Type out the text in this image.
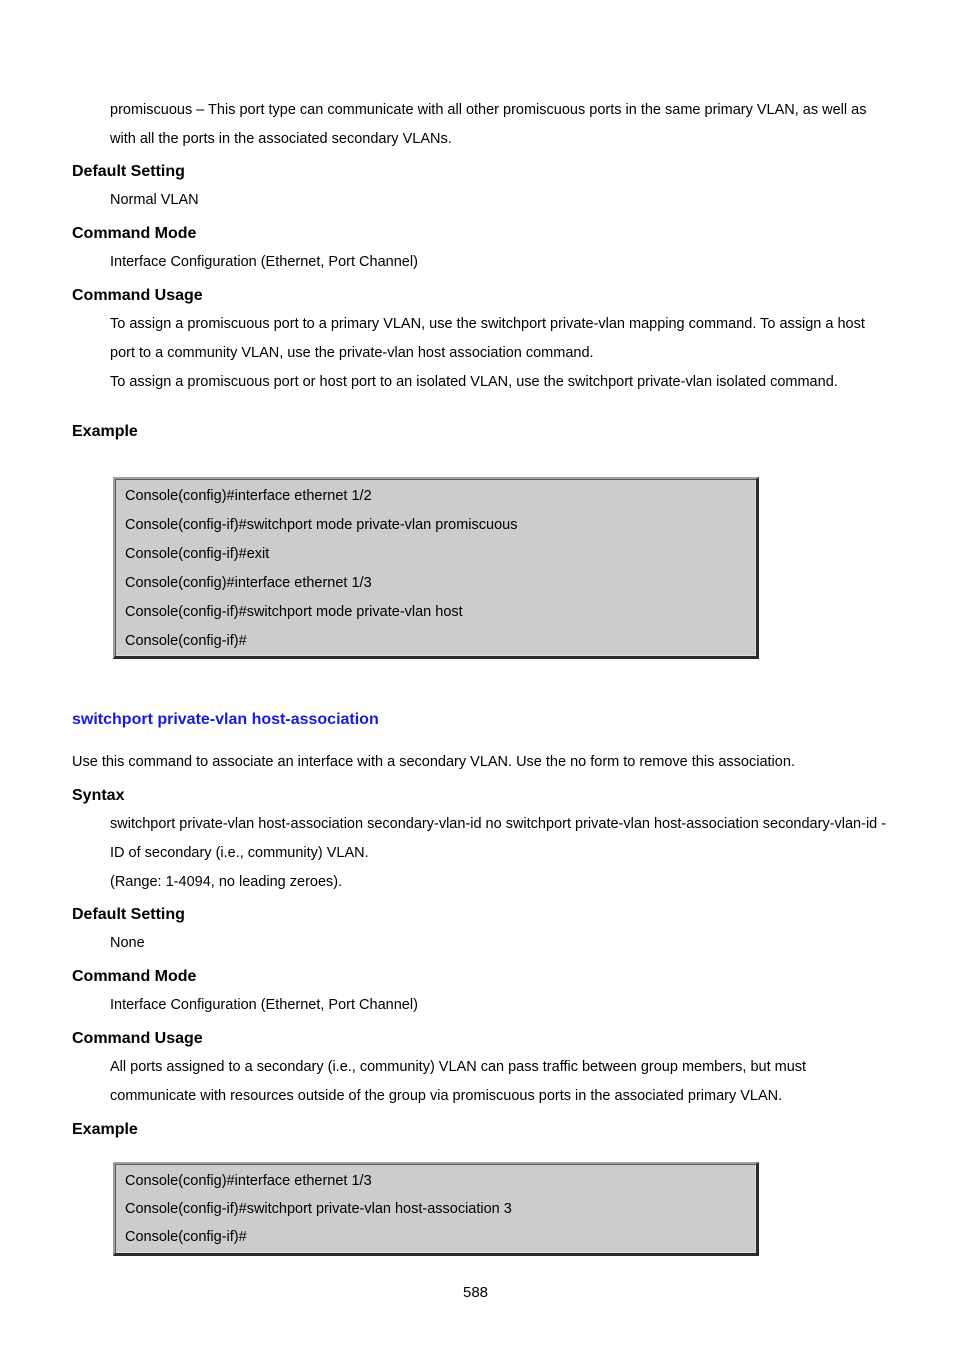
promiscuous – This port type can communicate with all other promiscuous ports in the same primary VLAN, as well as
with all the ports in the associated secondary VLANs.
Default Setting
Normal VLAN
Command Mode
Interface Configuration (Ethernet, Port Channel)
Command Usage
To assign a promiscuous port to a primary VLAN, use the switchport private-vlan mapping command. To assign a host
port to a community VLAN, use the private-vlan host association command.
To assign a promiscuous port or host port to an isolated VLAN, use the switchport private-vlan isolated command.
Example
Console(config)#interface ethernet 1/2
Console(config-if)#switchport mode private-vlan promiscuous
Console(config-if)#exit
Console(config)#interface ethernet 1/3
Console(config-if)#switchport mode private-vlan host
Console(config-if)#
switchport private-vlan host-association
Use this command to associate an interface with a secondary VLAN. Use the no form to remove this association.
Syntax
switchport private-vlan host-association secondary-vlan-id no switchport private-vlan host-association secondary-vlan-id -
ID of secondary (i.e., community) VLAN.
(Range: 1-4094, no leading zeroes).
Default Setting
None
Command Mode
Interface Configuration (Ethernet, Port Channel)
Command Usage
All ports assigned to a secondary (i.e., community) VLAN can pass traffic between group members, but must
communicate with resources outside of the group via promiscuous ports in the associated primary VLAN.
Example
Console(config)#interface ethernet 1/3
Console(config-if)#switchport private-vlan host-association 3
Console(config-if)#
588
